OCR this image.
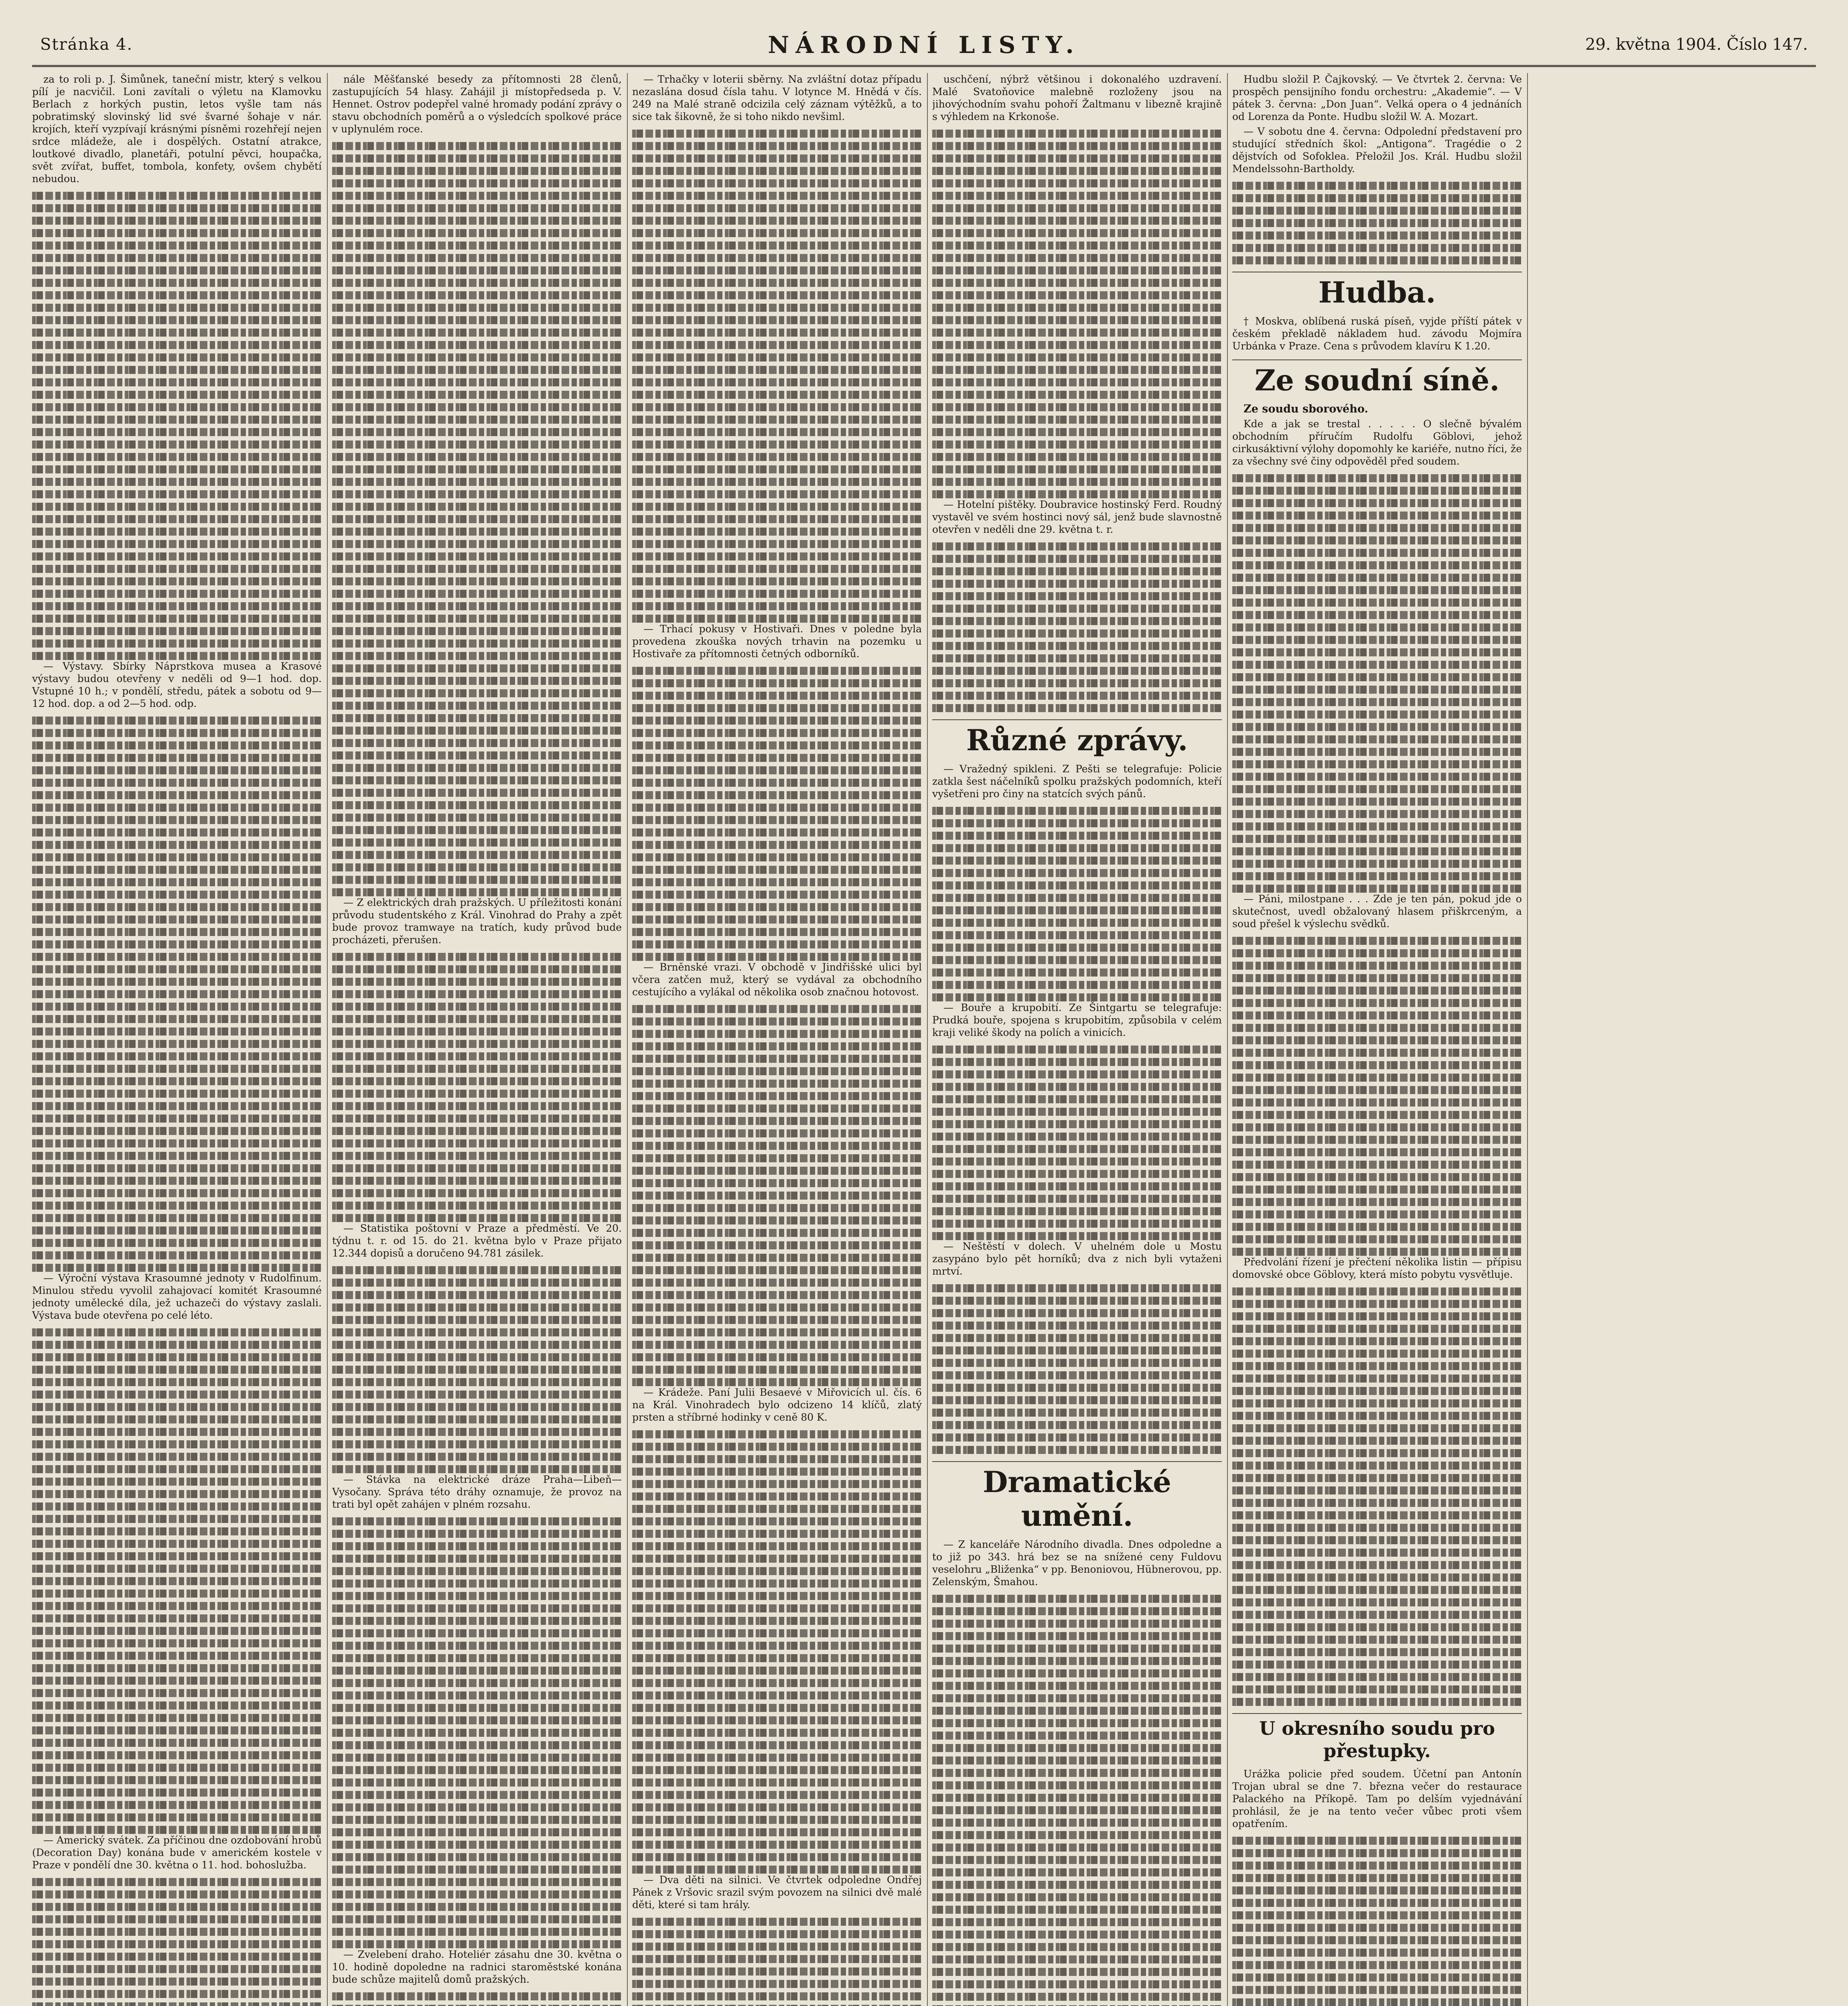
Stránka 4.	NÁRODNÍ LISTY.	29. května 1904. Číslo 147.

za to roli p. J. Šimůnek, taneční mistr, který s velkou pílí je nacvičil. Loni zavítali o výletu na Klamovku Berlach z horkých pustin, letos vyšle tam nás pobratimský slovinský lid své švarné šohaje v nár. krojích, kteří vyzpívají krásnými písněmi rozehřejí nejen srdce mládeže, ale i dospělých. Ostatní atrakce, loutkové divadlo, planetáři, potulní pěvci, houpačka, svět zvířat, buffet, tombola, konfety, ovšem chybětí nebudou.

— Výstavy. Sbírky Náprstkova musea a Krasové výstavy budou otevřeny v neděli od 9—1 hod. dop. Vstupné 10 h.; v pondělí, středu, pátek a sobotu od 9—12 hod. dop. a od 2—5 hod. odp.

— Výroční výstava Krasoumné jednoty v Rudolfinum. Minulou středu vyvolil zahajovací komitét Krasoumné jednoty umělecké díla, jež uchazeči do výstavy zaslali. Výstava bude otevřena po celé léto.

— Americký svátek. Za příčinou dne ozdobování hrobů (Decoration Day) konána bude v americkém kostele v Praze v pondělí dne 30. května o 11. hod. bohoslužba.

nále Měšťanské besedy za přítomnosti 28 členů, zastupujících 54 hlasy. Zahájil ji místopředseda p. V. Hennet. Ostrov podepřel valné hromady podání zprávy o stavu obchodních poměrů a o výsledcích spolkové práce v uplynulém roce.

— Z elektrických drah pražských. U příležitosti konání průvodu studentského z Král. Vinohrad do Prahy a zpět bude provoz tramwaye na tratích, kudy průvod bude procházeti, přerušen.

— Statistika poštovní v Praze a předměstí. Ve 20. týdnu t. r. od 15. do 21. května bylo v Praze přijato 12.344 dopisů a doručeno 94.781 zásilek.

— Stávka na elektrické dráze Praha—Libeň—Vysočany. Správa této dráhy oznamuje, že provoz na trati byl opět zahájen v plném rozsahu.

— Zvelebení draho. Hoteliér zásahu dne 30. května o 10. hodině dopoledne na radnici staroměstské konána bude schůze majitelů domů pražských.

— Trhačky v loterii sběrny. Na zvláštní dotaz případu nezaslána dosud čísla tahu. V lotynce M. Hnědá v čís. 249 na Malé straně odcizila celý záznam výtěžků, a to sice tak šikovně, že si toho nikdo nevšiml.

— Trhací pokusy v Hostivaři. Dnes v poledne byla provedena zkouška nových trhavin na pozemku u Hostivaře za přítomnosti četných odborníků.

— Brněnské vrazi. V obchodě v Jindřišské ulici byl včera zatčen muž, který se vydával za obchodního cestujícího a vylákal od několika osob značnou hotovost.

— Krádeže. Paní Julii Besaevé v Miřovicích ul. čís. 6 na Král. Vinohradech bylo odcizeno 14 klíčů, zlatý prsten a stříbrné hodinky v ceně 80 K.

— Dva děti na silnici. Ve čtvrtek odpoledne Ondřej Pánek z Vršovic srazil svým povozem na silnici dvě malé děti, které si tam hrály.

uschčení, nýbrž většinou i dokonalého uzdravení. Malé Svatoňovice malebně rozloženy jsou na jihovýchodním svahu pohoří Žaltmanu v libezně krajině s výhledem na Krkonoše.

— Hotelní pištěky. Doubravice hostinský Ferd. Roudný vystavěl ve svém hostinci nový sál, jenž bude slavnostně otevřen v neděli dne 29. května t. r.

Různé zprávy.

— Vražedný spikleni. Z Pešti se telegrafuje: Policie zatkla šest náčelníků spolku pražských podomních, kteří vyšetřeni pro činy na statcích svých pánů.

— Bouře a krupobití. Ze Šintgartu se telegrafuje: Prudká bouře, spojena s krupobitím, způsobila v celém kraji veliké škody na polích a vinicích.

— Neštěstí v dolech. V uhelném dole u Mostu zasypáno bylo pět horníků; dva z nich byli vytaženi mrtví.

Dramatické umění.

— Z kanceláře Národního divadla. Dnes odpoledne a to již po 343. hrá bez se na snížené ceny Fuldovu veselohru „Bliženka“ v pp. Benoniovou, Hübnerovou, pp. Zelenským, Šmahou.

Hudbu složil P. Čajkovský. — Ve čtvrtek 2. června: Ve prospěch pensijního fondu orchestru: „Akademie“. — V pátek 3. června: „Don Juan“. Velká opera o 4 jednáních od Lorenza da Ponte. Hudbu složil W. A. Mozart.

— V sobotu dne 4. června: Odpolední představení pro studující středních škol: „Antigona“. Tragédie o 2 dějstvích od Sofoklea. Přeložil Jos. Král. Hudbu složil Mendelssohn-Bartholdy.

Hudba.

† Moskva, oblíbená ruská píseň, vyjde příští pátek v českém překladě nákladem hud. závodu Mojmíra Urbánka v Praze. Cena s průvodem klavíru K 1.20.

Ze soudní síně.

Ze soudu sborového.

Kde a jak se trestal . . . . . O slečně bývalém obchodním příručím Rudolfu Göblovi, jehož cirkusáktivní výlohy dopomohly ke kariéře, nutno říci, že za všechny své činy odpověděl před soudem.

— Páni, milostpane . . . Zde je ten pán, pokud jde o skutečnost, uvedl obžalovaný hlasem přiškrceným, a soud přešel k výslechu svědků.

Předvolání řízení je přečtení několika listin — přípisu domovské obce Göblovy, která místo pobytu vysvětluje.

U okresního soudu pro přestupky.

Urážka policie před soudem. Účetní pan Antonín Trojan ubral se dne 7. března večer do restaurace Palackého na Příkopě. Tam po delším vyjednávání prohlásil, že je na tento večer vůbec proti všem opatřením.
